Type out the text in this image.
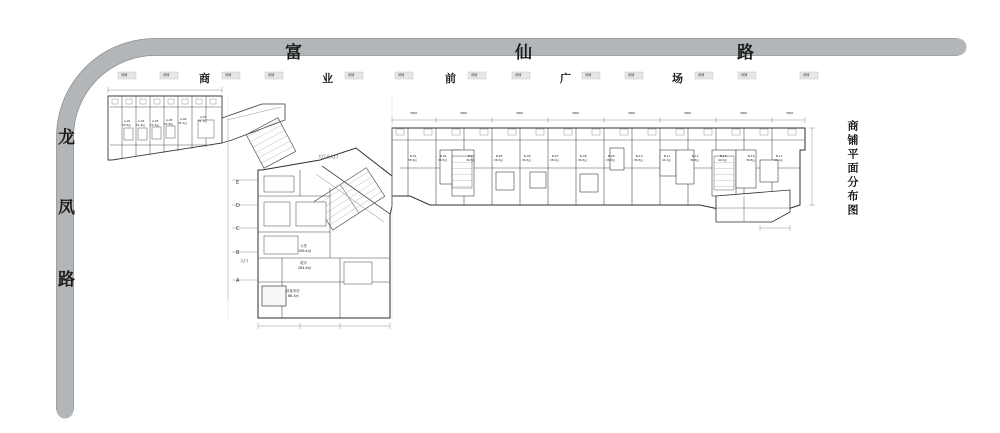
富	仙	路
龙
凤
路
商	业	前	广	场
商铺平面分布图
商铺	商铺	商铺	商铺	商铺	商铺	商铺	商铺	商铺	商铺	商铺	商铺	商铺
大厅主入口
入口
E
D
C
B
A
A-01
23.6㎡
A-02
21.4㎡
A-03
21.4㎡
A-05
22.8㎡
A-06
25.1㎡
A-07
31.7㎡
B-01
38.2㎡
B-02
36.5㎡
B-03
36.5㎡
B-05
36.5㎡
B-06
36.5㎡
B-07
38.0㎡
B-08
36.5㎡
B-09
36.5㎡
B-10
36.5㎡
B-11
41.2㎡
B-12
36.5㎡
B-15
42.6㎡
B-16
39.8㎡
B-17
44.1㎡
大堂
198.4㎡
超市
284.6㎡
设备用房
86.3㎡
3900	3900	3900	3900	3900	3900	3900	3900
